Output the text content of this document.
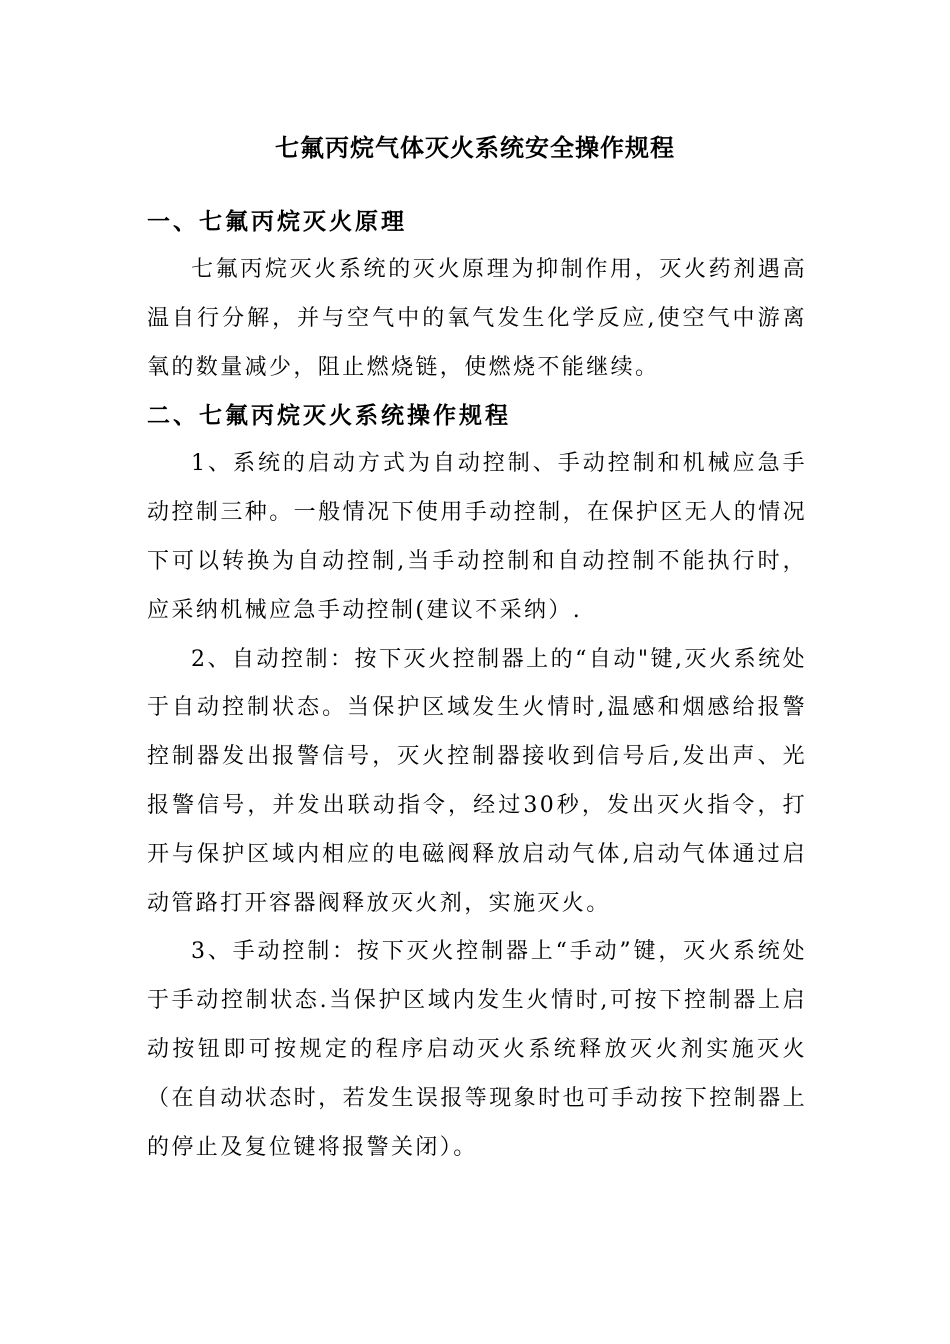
七氟丙烷气体灭火系统安全操作规程
一、七氟丙烷灭火原理

七氟丙烷灭火系统的灭火原理为抑制作用，灭火药剂遇高温自行分解，并与空气中的氧气发生化学反应,使空气中游离氧的数量减少，阻止燃烧链，使燃烧不能继续。

二、七氟丙烷灭火系统操作规程

1、系统的启动方式为自动控制、手动控制和机械应急手动控制三种。一般情况下使用手动控制，在保护区无人的情况下可以转换为自动控制,当手动控制和自动控制不能执行时，应采纳机械应急手动控制(建议不采纳）.

2、自动控制：按下灭火控制器上的“自动"键,灭火系统处于自动控制状态。当保护区域发生火情时,温感和烟感给报警控制器发出报警信号，灭火控制器接收到信号后,发出声、光报警信号，并发出联动指令，经过30秒，发出灭火指令，打开与保护区域内相应的电磁阀释放启动气体,启动气体通过启动管路打开容器阀释放灭火剂，实施灭火。

3、手动控制：按下灭火控制器上“手动”键，灭火系统处于手动控制状态.当保护区域内发生火情时,可按下控制器上启动按钮即可按规定的程序启动灭火系统释放灭火剂实施灭火（在自动状态时，若发生误报等现象时也可手动按下控制器上的停止及复位键将报警关闭）。
